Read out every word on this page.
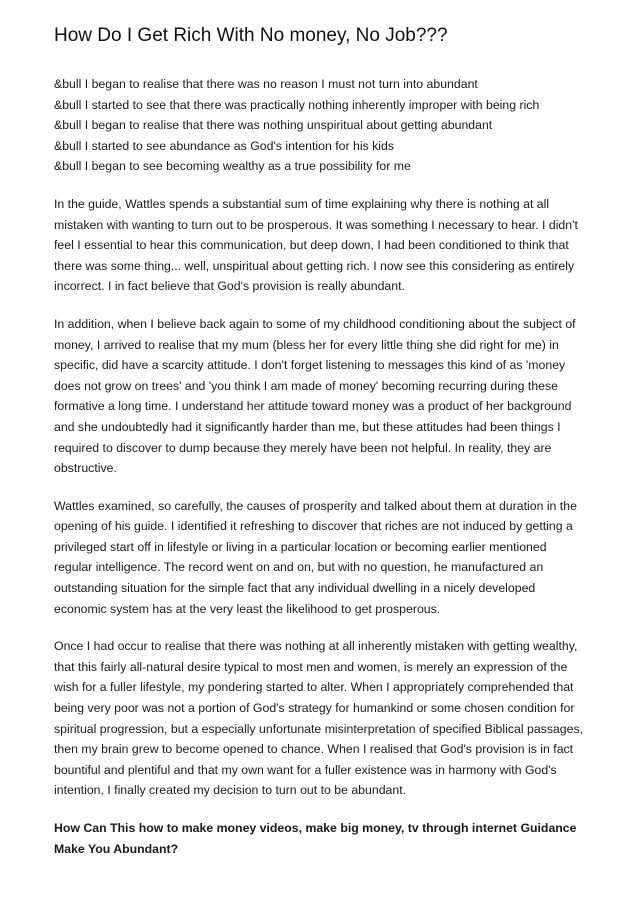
How Do I Get Rich With No money, No Job???
&bull I began to realise that there was no reason I must not turn into abundant
&bull I started to see that there was practically nothing inherently improper with being rich
&bull I began to realise that there was nothing unspiritual about getting abundant
&bull I started to see abundance as God's intention for his kids
&bull I began to see becoming wealthy as a true possibility for me

In the guide, Wattles spends a substantial sum of time explaining why there is nothing at all mistaken with wanting to turn out to be prosperous. It was something I necessary to hear. I didn't feel I essential to hear this communication, but deep down, I had been conditioned to think that there was some thing... well, unspiritual about getting rich. I now see this considering as entirely incorrect. I in fact believe that God's provision is really abundant.

In addition, when I believe back again to some of my childhood conditioning about the subject of money, I arrived to realise that my mum (bless her for every little thing she did right for me) in specific, did have a scarcity attitude. I don't forget listening to messages this kind of as 'money does not grow on trees' and 'you think I am made of money' becoming recurring during these formative a long time. I understand her attitude toward money was a product of her background and she undoubtedly had it significantly harder than me, but these attitudes had been things I required to discover to dump because they merely have been not helpful. In reality, they are obstructive.

Wattles examined, so carefully, the causes of prosperity and talked about them at duration in the opening of his guide. I identified it refreshing to discover that riches are not induced by getting a privileged start off in lifestyle or living in a particular location or becoming earlier mentioned regular intelligence. The record went on and on, but with no question, he manufactured an outstanding situation for the simple fact that any individual dwelling in a nicely developed economic system has at the very least the likelihood to get prosperous.

Once I had occur to realise that there was nothing at all inherently mistaken with getting wealthy, that this fairly all-natural desire typical to most men and women, is merely an expression of the wish for a fuller lifestyle, my pondering started to alter. When I appropriately comprehended that being very poor was not a portion of God's strategy for humankind or some chosen condition for spiritual progression, but a especially unfortunate misinterpretation of specified Biblical passages, then my brain grew to become opened to chance. When I realised that God's provision is in fact bountiful and plentiful and that my own want for a fuller existence was in harmony with God's intention, I finally created my decision to turn out to be abundant.

How Can This how to make money videos, make big money, tv through internet Guidance Make You Abundant?
